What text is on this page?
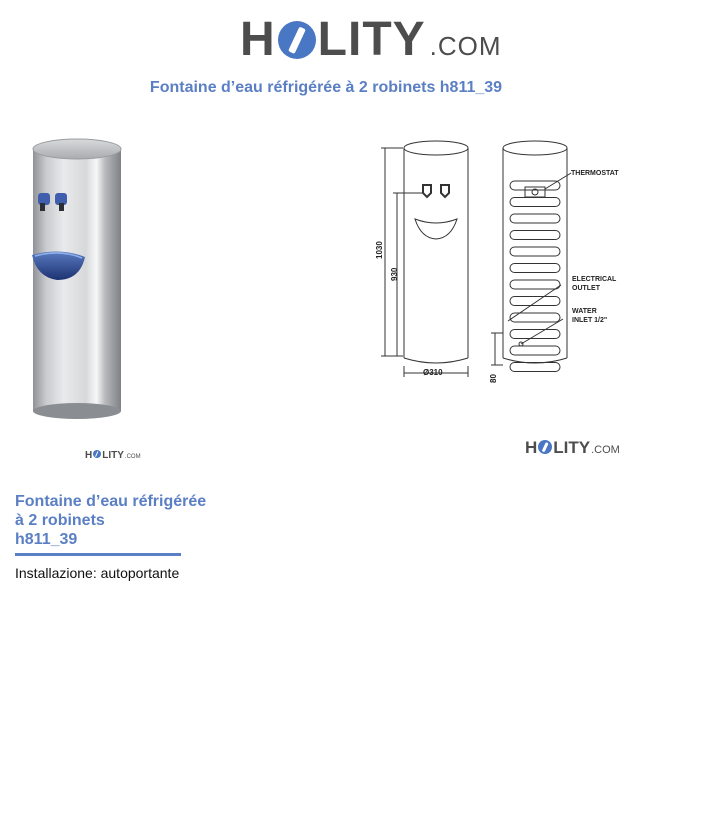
H LITY .COM
Fontaine d’eau réfrigérée à 2 robinets h811_39
1030
930
Ø310
80
THERMOSTAT
ELECTRICAL
OUTLET
WATER
INLET 1/2"
H LITY .COM	H LITY .COM
Fontaine d’eau réfrigérée
à 2 robinets
h811_39
Installazione: autoportante
